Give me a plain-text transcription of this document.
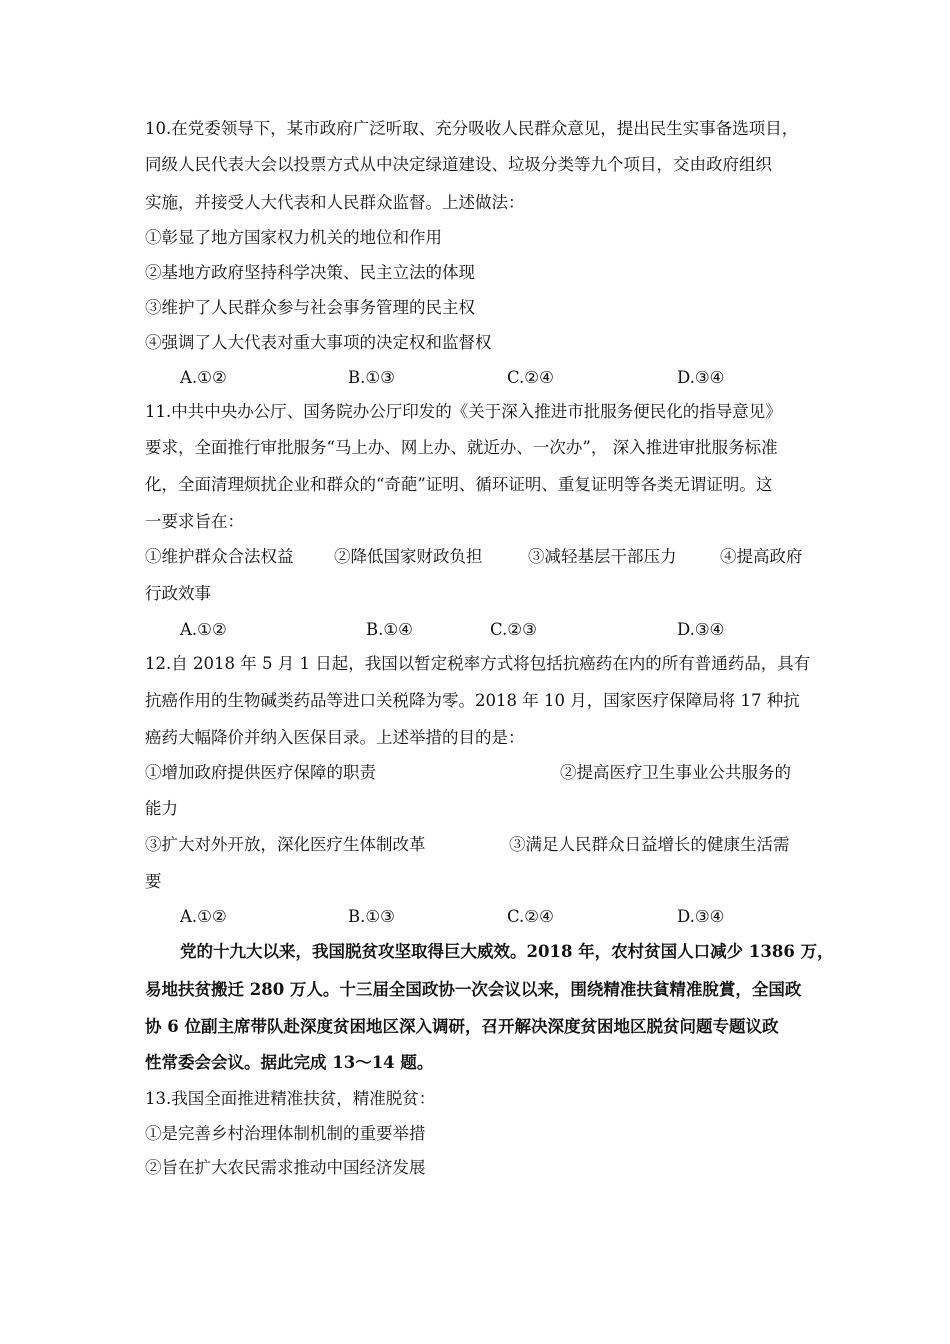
10.在党委领导下，某市政府广泛听取、充分吸收人民群众意见，提出民生实事备选项目，
同级人民代表大会以投票方式从中决定绿道建设、垃圾分类等九个项目，交由政府组织
实施，并接受人大代表和人民群众监督。上述做法：
①彰显了地方国家权力机关的地位和作用
②基地方政府坚持科学决策、民主立法的体现
③维护了人民群众参与社会事务管理的民主权
④强调了人大代表对重大事项的决定权和监督权
A.①②	B.①③	C.②④	D.③④
11.中共中央办公厅、国务院办公厅印发的《关于深入推进市批服务便民化的指导意见》
要求，全面推行审批服务“马上办、网上办、就近办、一次办”， 深入推进审批服务标准
化，全面清理烦扰企业和群众的“奇葩”证明、循环证明、重复证明等各类无谓证明。这
一要求旨在：
①维护群众合法权益 ②降低国家财政负担	③减轻基层干部压力	④提高政府
行政效事
A.①②	B.①④	C.②③	D.③④
12.自 2018 年 5 月 1 日起，我国以暂定税率方式将包括抗癌药在内的所有普通药品，具有
抗癌作用的生物碱类药品等进口关税降为零。2018 年 10 月，国家医疗保障局将 17 种抗
癌药大幅降价并纳入医保目录。上述举措的目的是：
①增加政府提供医疗保障的职责	②提高医疗卫生事业公共服务的
能力
③扩大对外开放，深化医疗生体制改革	③满足人民群众日益增长的健康生活需
要
A.①②	B.①③	C.②④	D.③④
党的十九大以来，我国脱贫攻坚取得巨大威效。2018 年，农村贫国人口减少 1386 万，
易地扶贫搬迁 280 万人。十三届全国政协一次会议以来，围绕精准扶貧精准脫賞，全国政
协 6 位副主席带队赴深度贫困地区深入调研，召开解决深度贫困地区脱贫问题专题议政
性常委会会议。据此完成 13～14 题。
13.我国全面推进精准扶贫，精准脱贫：
①是完善乡村治理体制机制的重要举措
②旨在扩大农民需求推动中国经济发展
